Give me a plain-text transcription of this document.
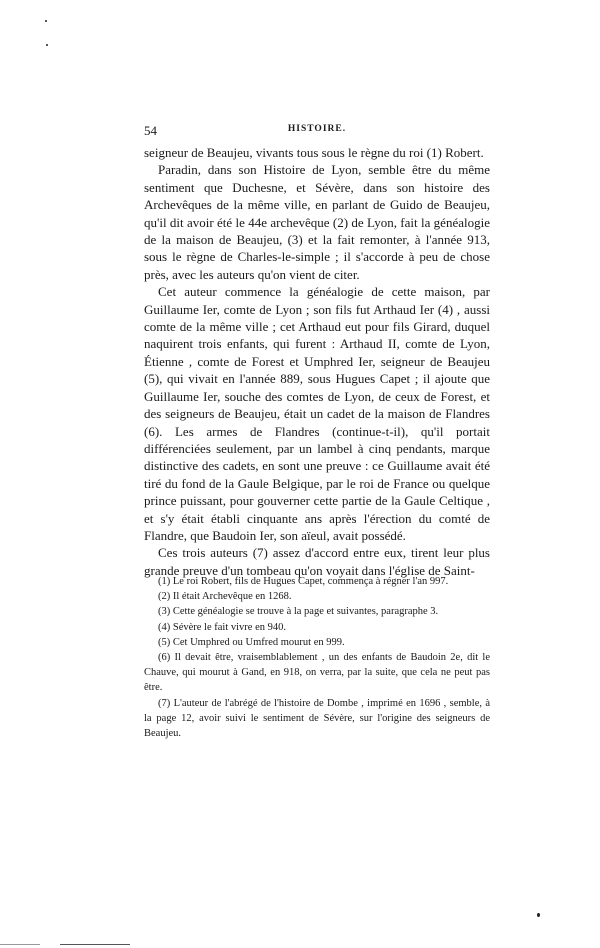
54	HISTOIRE.

seigneur de Beaujeu, vivants tous sous le règne du roi (1) Robert.

Paradin, dans son Histoire de Lyon, semble être du même sentiment que Duchesne, et Sévère, dans son histoire des Archevêques de la même ville, en parlant de Guido de Beaujeu, qu'il dit avoir été le 44e archevêque (2) de Lyon, fait la généalogie de la maison de Beaujeu, (3) et la fait remonter, à l'année 913, sous le règne de Charles-le-simple ; il s'accorde à peu de chose près, avec les auteurs qu'on vient de citer.

Cet auteur commence la généalogie de cette maison, par Guillaume Ier, comte de Lyon ; son fils fut Arthaud Ier (4) , aussi comte de la même ville ; cet Arthaud eut pour fils Girard, duquel naquirent trois enfants, qui furent : Arthaud II, comte de Lyon, Étienne , comte de Forest et Umphred Ier, seigneur de Beaujeu (5), qui vivait en l'année 889, sous Hugues Capet ; il ajoute que Guillaume Ier, souche des comtes de Lyon, de ceux de Forest, et des seigneurs de Beaujeu, était un cadet de la maison de Flandres (6). Les armes de Flandres (continue-t-il), qu'il portait différenciées seulement, par un lambel à cinq pendants, marque distinctive des cadets, en sont une preuve : ce Guillaume avait été tiré du fond de la Gaule Belgique, par le roi de France ou quelque prince puissant, pour gouverner cette partie de la Gaule Celtique , et s'y était établi cinquante ans après l'érection du comté de Flandre, que Baudoin Ier, son aïeul, avait possédé.

Ces trois auteurs (7) assez d'accord entre eux, tirent leur plus grande preuve d'un tombeau qu'on voyait dans l'église de Saint-

(1) Le roi Robert, fils de Hugues Capet, commença à régner l'an 997.

(2) Il était Archevêque en 1268.

(3) Cette généalogie se trouve à la page et suivantes, paragraphe 3.

(4) Sévère le fait vivre en 940.

(5) Cet Umphred ou Umfred mourut en 999.

(6) Il devait être, vraisemblablement , un des enfants de Baudoin 2e, dit le Chauve, qui mourut à Gand, en 918, on verra, par la suite, que cela ne peut pas être.

(7) L'auteur de l'abrégé de l'histoire de Dombe , imprimé en 1696 , semble, à la page 12, avoir suivi le sentiment de Sévère, sur l'origine des seigneurs de Beaujeu.
